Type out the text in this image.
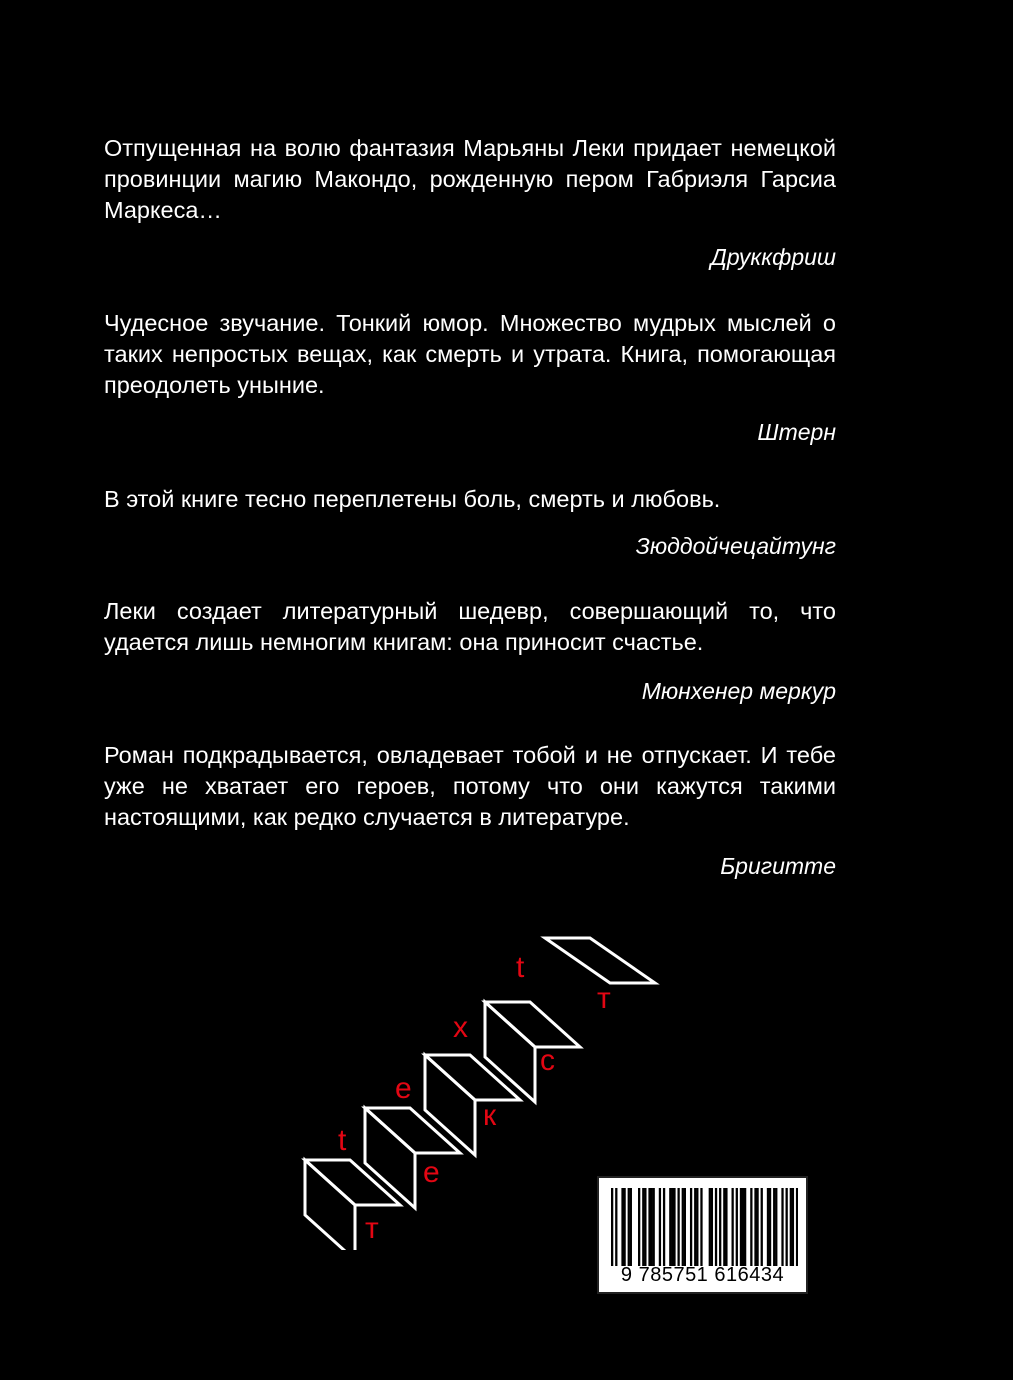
Отпущенная на волю фантазия Марьяны Леки придает немецкой провинции магию Макондо, рожденную пером Габриэля Гарсиа Маркеса…
Друккфриш
Чудесное звучание. Тонкий юмор. Множество мудрых мыслей о таких непростых вещах, как смерть и утрата. Книга, помогающая преодолеть уныние.
Штерн
В этой книге тесно переплетены боль, смерть и любовь.
Зюддойчецайтунг
Леки создает литературный шедевр, совершающий то, что удается лишь немногим книгам: она приносит счастье.
Мюнхенер меркур
Роман подкрадывается, овладевает тобой и не отпускает. И тебе уже не хватает его героев, потому что они кажутся такими настоящими, как редко случается в литературе.
Бригитте
t
e
x
t
т
е
к
с
т
9 785751 616434
